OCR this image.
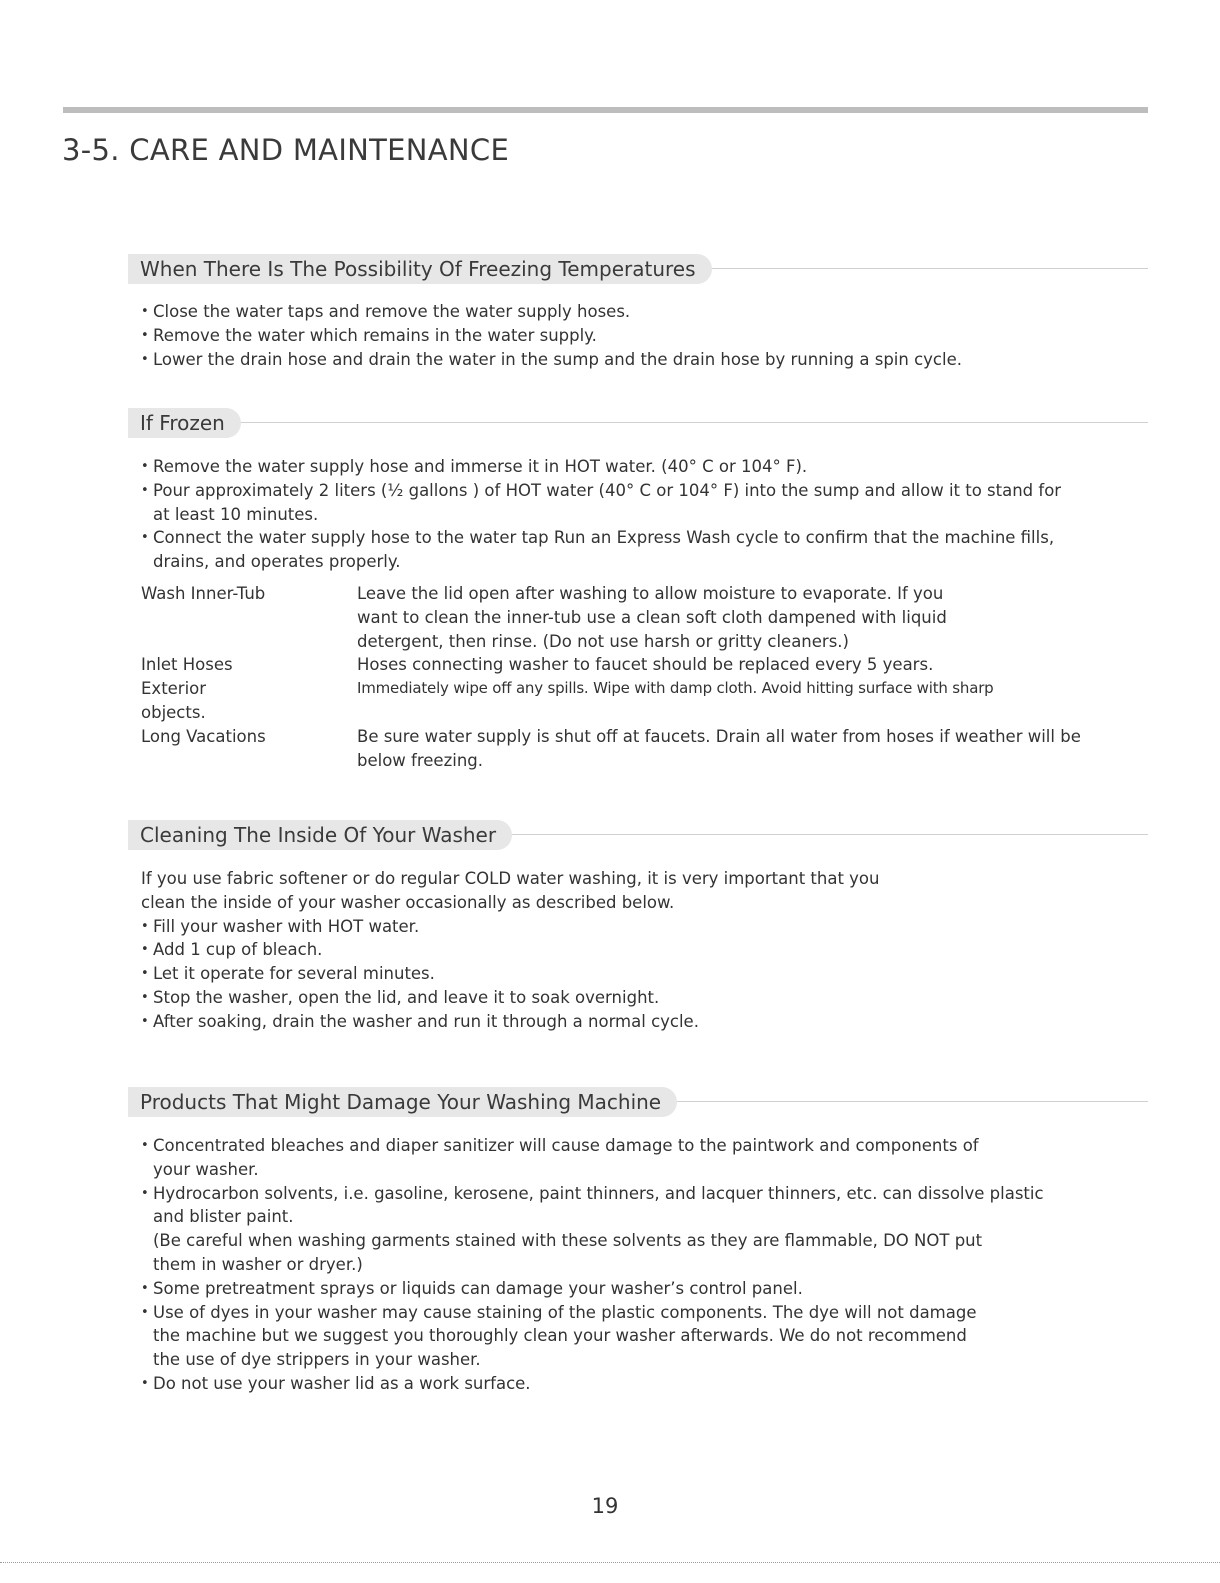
3-5. CARE AND MAINTENANCE
When There Is The Possibility Of Freezing Temperatures
• Close the water taps and remove the water supply hoses.
• Remove the water which remains in the water supply.
• Lower the drain hose and drain the water in the sump and the drain hose by running a spin cycle.
If Frozen
• Remove the water supply hose and immerse it in HOT water. (40° C or 104° F).
• Pour approximately 2 liters (½ gallons ) of HOT water (40° C or 104° F) into the sump and allow it to stand for
at least 10 minutes.
• Connect the water supply hose to the water tap Run an Express Wash cycle to confirm that the machine fills,
drains, and operates properly.
Wash Inner-Tub	Leave the lid open after washing to allow moisture to evaporate. If you
want to clean the inner-tub use a clean soft cloth dampened with liquid
detergent, then rinse. (Do not use harsh or gritty cleaners.)
Inlet Hoses	Hoses connecting washer to faucet should be replaced every 5 years.
Exterior	Immediately wipe off any spills. Wipe with damp cloth. Avoid hitting surface with sharp
objects.
Long Vacations	Be sure water supply is shut off at faucets. Drain all water from hoses if weather will be
below freezing.
Cleaning The Inside Of Your Washer
If you use fabric softener or do regular COLD water washing, it is very important that you
clean the inside of your washer occasionally as described below.
• Fill your washer with HOT water.
• Add 1 cup of bleach.
• Let it operate for several minutes.
• Stop the washer, open the lid, and leave it to soak overnight.
• After soaking, drain the washer and run it through a normal cycle.
Products That Might Damage Your Washing Machine
• Concentrated bleaches and diaper sanitizer will cause damage to the paintwork and components of
your washer.
• Hydrocarbon solvents, i.e. gasoline, kerosene, paint thinners, and lacquer thinners, etc. can dissolve plastic
and blister paint.
(Be careful when washing garments stained with these solvents as they are flammable, DO NOT put
them in washer or dryer.)
• Some pretreatment sprays or liquids can damage your washer’s control panel.
• Use of dyes in your washer may cause staining of the plastic components. The dye will not damage
the machine but we suggest you thoroughly clean your washer afterwards. We do not recommend
the use of dye strippers in your washer.
• Do not use your washer lid as a work surface.
19
